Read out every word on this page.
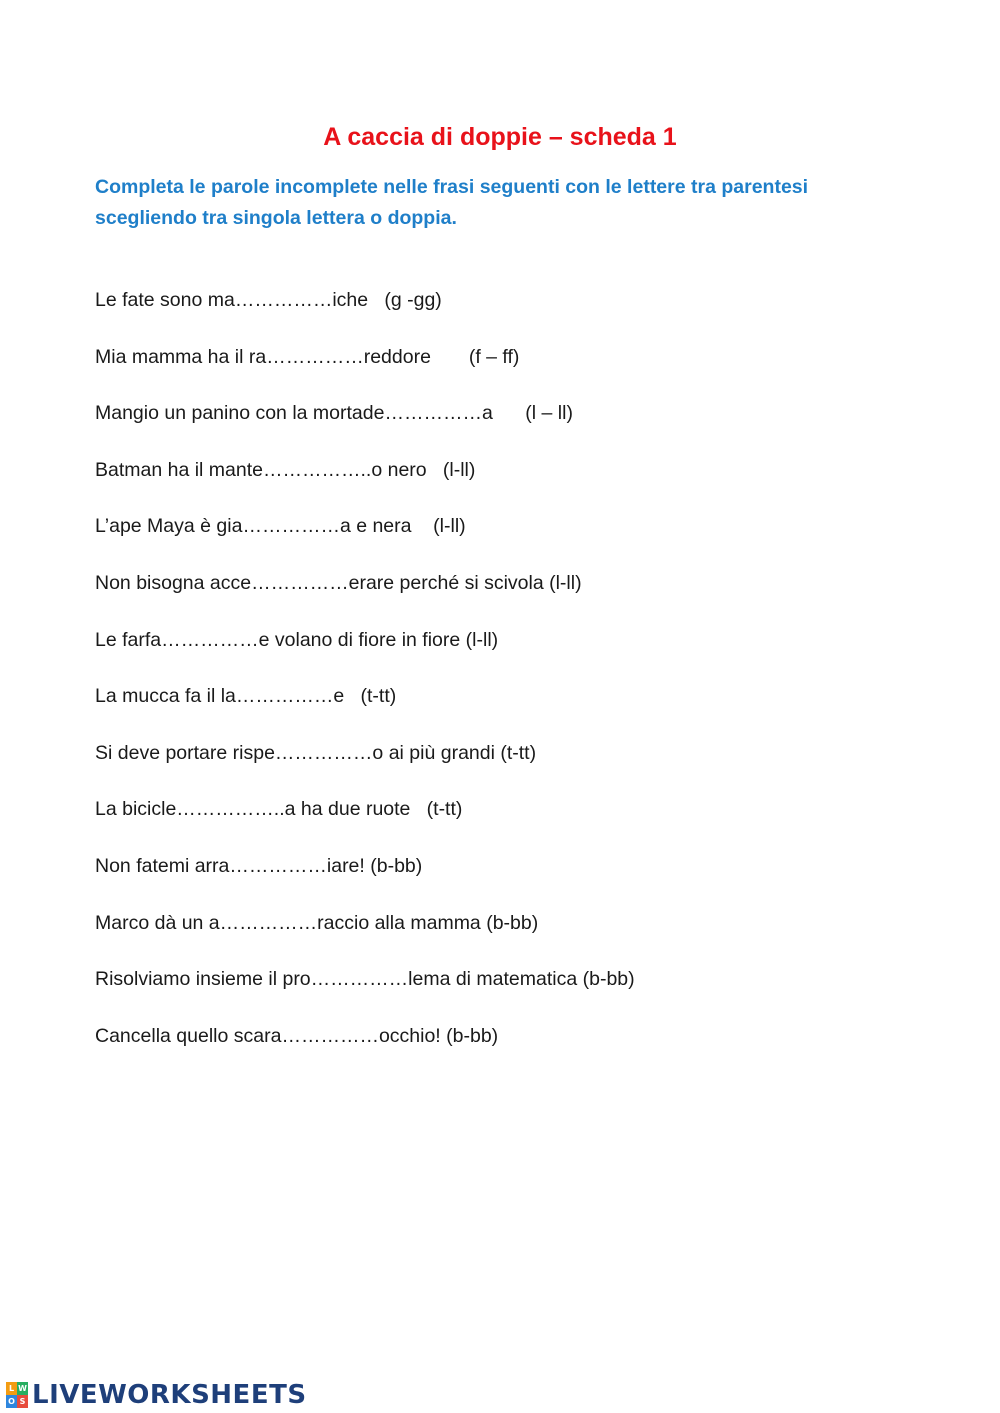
A caccia di doppie – scheda 1

Completa le parole incomplete nelle frasi seguenti con le lettere tra parentesi
scegliendo tra singola lettera o doppia.

Le fate sono ma……………iche   (g -gg)
Mia mamma ha il ra……………reddore       (f – ff)
Mangio un panino con la mortade……………a      (l – ll)
Batman ha il mante……………..o nero   (l-ll)
L’ape Maya è gia……………a e nera    (l-ll)
Non bisogna acce……………erare perché si scivola (l-ll)
Le farfa……………e volano di fiore in fiore (l-ll)
La mucca fa il la……………e   (t-tt)
Si deve portare rispe……………o ai più grandi (t-tt)
La bicicle……………..a ha due ruote   (t-tt)
Non fatemi arra……………iare! (b-bb)
Marco dà un a……………raccio alla mamma (b-bb)
Risolviamo insieme il pro……………lema di matematica (b-bb)
Cancella quello scara……………occhio! (b-bb)
L W
O S LIVEWORKSHEETS
